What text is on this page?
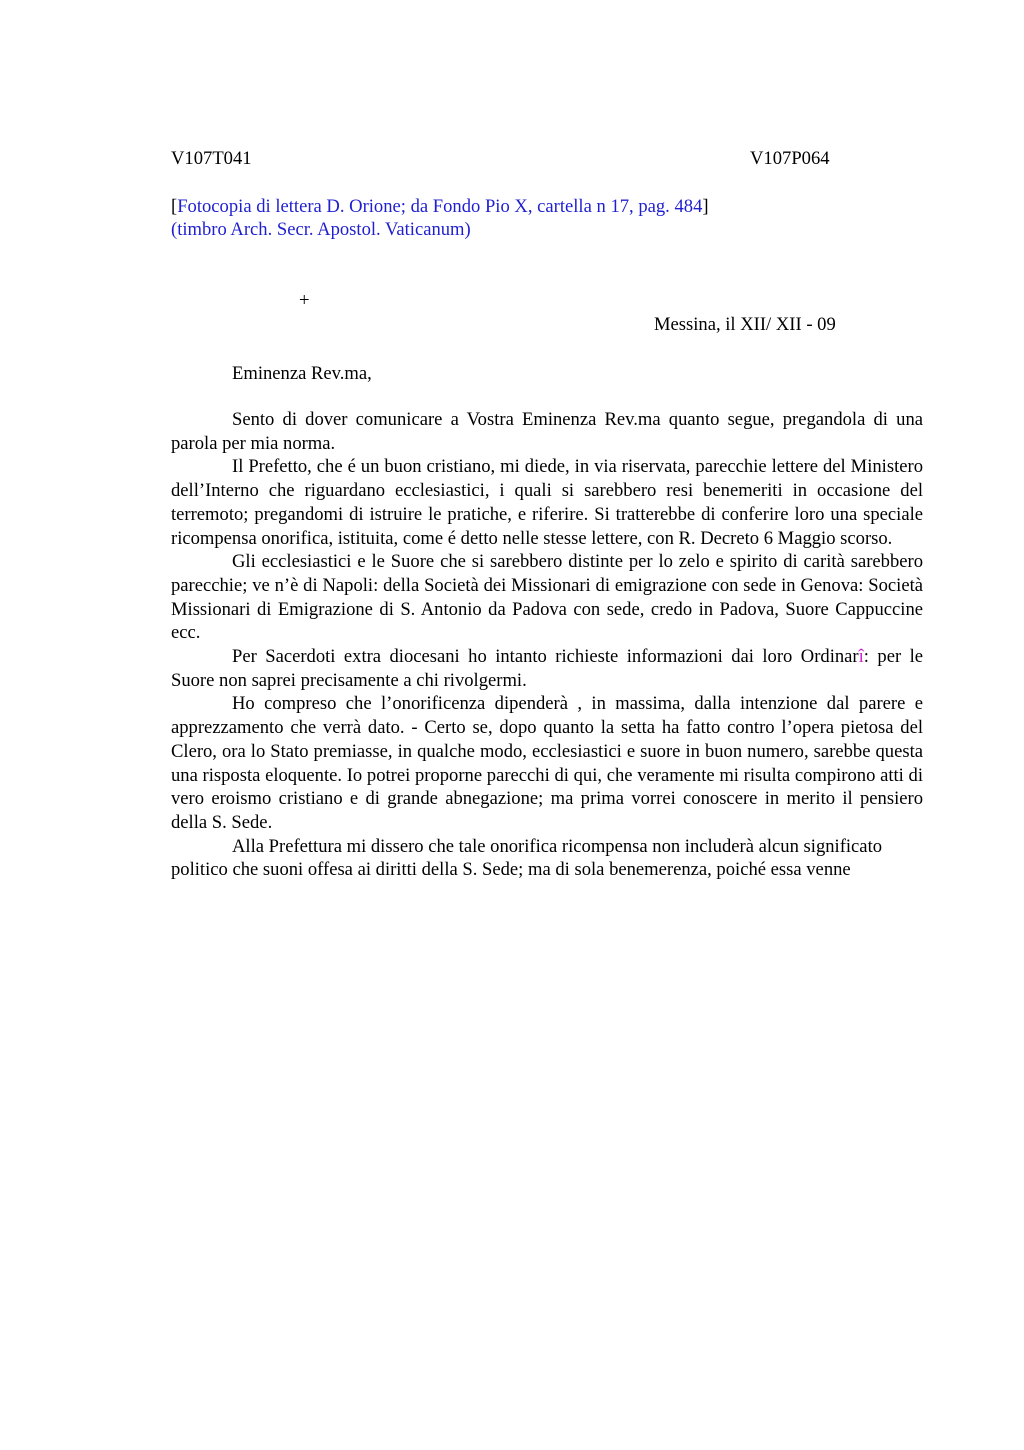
V107T041	V107P064
[Fotocopia di lettera D. Orione; da Fondo Pio X, cartella n 17, pag. 484]
(timbro Arch. Secr. Apostol. Vaticanum)
+
Messina, il XII/ XII - 09
Eminenza Rev.ma,

Sento di dover comunicare a Vostra Eminenza Rev.ma quanto segue, pregandola di una parola per mia norma.

Il Prefetto, che é un buon cristiano, mi diede, in via riservata, parecchie lettere del Ministero dell’Interno che riguardano ecclesiastici, i quali si sarebbero resi benemeriti in occasione del terremoto; pregandomi di istruire le pratiche, e riferire. Si tratterebbe di conferire loro una speciale ricompensa onorifica, istituita, come é detto nelle stesse lettere, con R. Decreto 6 Maggio scorso.

Gli ecclesiastici e le Suore che si sarebbero distinte per lo zelo e spirito di carità sarebbero parecchie; ve n’è di Napoli: della Società dei Missionari di emigrazione con sede in Genova: Società Missionari di Emigrazione di S. Antonio da Padova con sede, credo in Padova, Suore Cappuccine ecc.

Per Sacerdoti extra diocesani ho intanto richieste informazioni dai loro Ordinarî: per le Suore non saprei precisamente a chi rivolgermi.

Ho compreso che l’onorificenza dipenderà , in massima, dalla intenzione dal parere e apprezzamento che verrà dato. - Certo se, dopo quanto la setta ha fatto contro l’opera pietosa del Clero, ora lo Stato premiasse, in qualche modo, ecclesiastici e suore in buon numero, sarebbe questa una risposta eloquente. Io potrei proporne parecchi di qui, che veramente mi risulta compirono atti di vero eroismo cristiano e di grande abnegazione; ma prima vorrei conoscere in merito il pensiero della S. Sede.

Alla Prefettura mi dissero che tale onorifica ricompensa non includerà alcun significato politico che suoni offesa ai diritti della S. Sede; ma di sola benemerenza, poiché essa venne
